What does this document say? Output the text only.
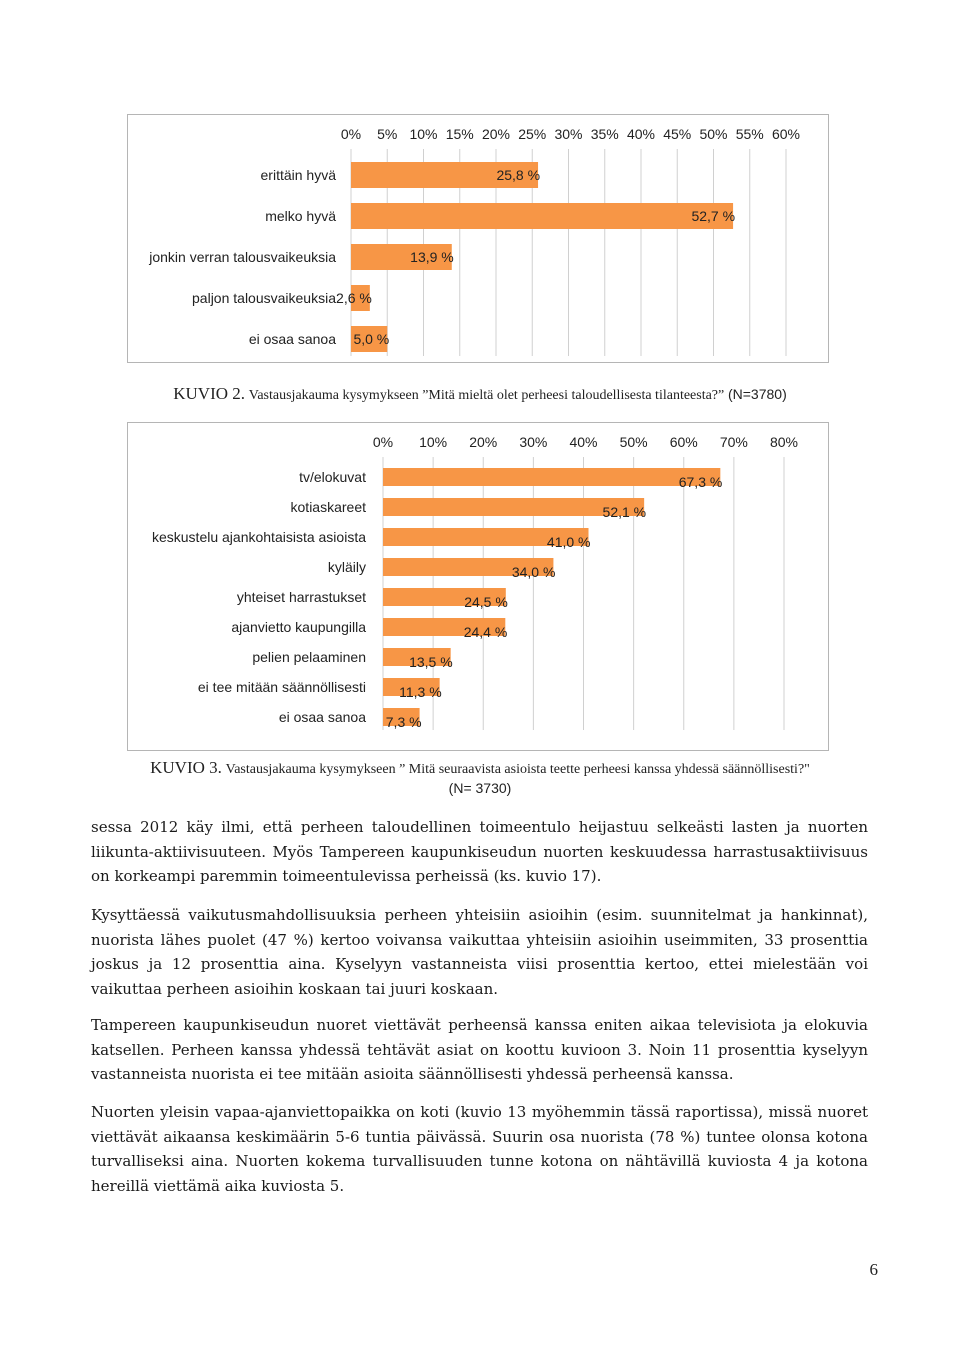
0% 5% 10% 15% 20% 25% 30% 35% 40% 45% 50% 55% 60%
erittäin hyvä	25,8 %
melko hyvä	52,7 %
jonkin verran talousvaikeuksia	13,9 %
paljon talousvaikeuksia 2,6 %
ei osaa sanoa 5,0 %
KUVIO 2. Vastausjakauma kysymykseen ”Mitä mieltä olet perheesi taloudellisesta tilanteesta?” (N=3780)
0% 10% 20% 30% 40% 50% 60% 70% 80%
tv/elokuvat	67,3 %
kotiaskareet	52,1 %
keskustelu ajankohtaisista asioista	41,0 %
kyläily	34,0 %
yhteiset harrastukset	24,5 %
ajanvietto kaupungilla	24,4 %
pelien pelaaminen	13,5 %
ei tee mitään säännöllisesti 11,3 %
ei osaa sanoa 7,3 %
KUVIO 3. Vastausjakauma kysymykseen ” Mitä seuraavista asioista teette perheesi kanssa yhdessä säännöllisesti?"
(N= 3730)

sessa 2012 käy ilmi, että perheen taloudellinen toimeentulo heijastuu selkeästi lasten ja nuorten liikunta-aktiivisuuteen. Myös Tampereen kaupunkiseudun nuorten keskuudessa harrastusaktiivisuus on korkeampi paremmin toimeentulevissa perheissä (ks. kuvio 17).

Kysyttäessä vaikutusmahdollisuuksia perheen yhteisiin asioihin (esim. suunnitelmat ja hankinnat), nuorista lähes puolet (47 %) kertoo voivansa vaikuttaa yhteisiin asioihin useimmiten, 33 prosenttia joskus ja 12 prosenttia aina. Kyselyyn vastanneista viisi prosenttia kertoo, ettei mielestään voi vaikuttaa perheen asioihin koskaan tai juuri koskaan.

Tampereen kaupunkiseudun nuoret viettävät perheensä kanssa eniten aikaa televisiota ja elokuvia katsellen. Perheen kanssa yhdessä tehtävät asiat on koottu kuvioon 3. Noin 11 prosenttia kyselyyn vastanneista nuorista ei tee mitään asioita säännöllisesti yhdessä perheensä kanssa.

Nuorten yleisin vapaa-ajanviettopaikka on koti (kuvio 13 myöhemmin tässä raportissa), missä nuoret viettävät aikaansa keskimäärin 5-6 tuntia päivässä. Suurin osa nuorista (78 %) tuntee olonsa kotona turvalliseksi aina. Nuorten kokema turvallisuuden tunne kotona on nähtävillä kuviosta 4 ja kotona hereillä viettämä aika kuviosta 5.

6
